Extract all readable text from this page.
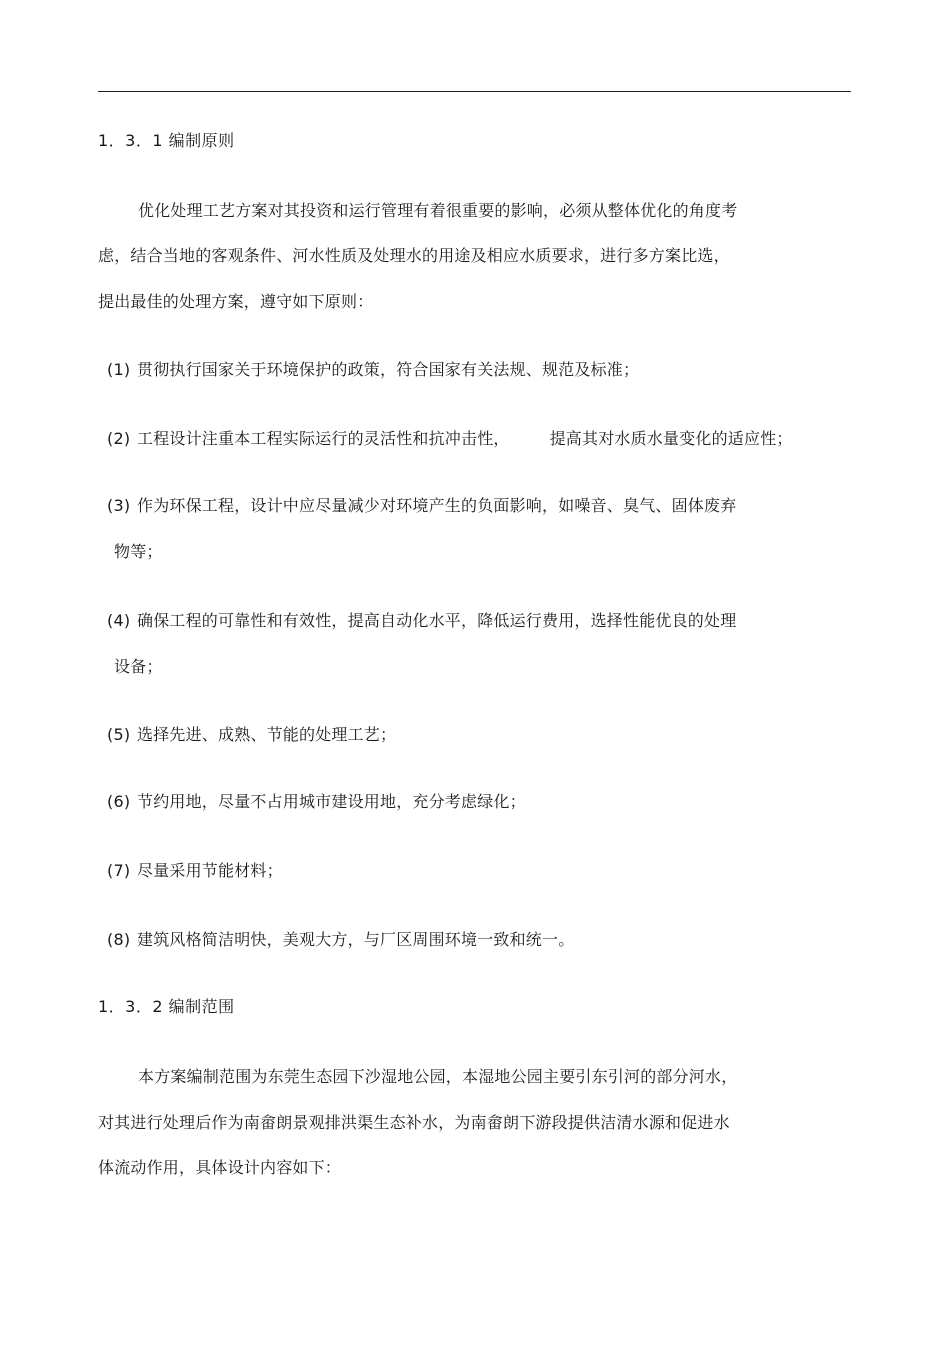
1．3．1 编制原则
优化处理工艺方案对其投资和运行管理有着很重要的影响，必须从整体优化的角度考
虑，结合当地的客观条件、河水性质及处理水的用途及相应水质要求，进行多方案比选，
提出最佳的处理方案，遵守如下原则：
(1) 贯彻执行国家关于环境保护的政策，符合国家有关法规、规范及标准；
(2) 工程设计注重本工程实际运行的灵活性和抗冲击性，	提高其对水质水量变化的适应性；
(3) 作为环保工程，设计中应尽量减少对环境产生的负面影响，如噪音、臭气、固体废弃
物等；
(4) 确保工程的可靠性和有效性，提高自动化水平，降低运行费用，选择性能优良的处理
设备；
(5) 选择先进、成熟、节能的处理工艺；
(6) 节约用地，尽量不占用城市建设用地，充分考虑绿化；
(7) 尽量采用节能材料；
(8) 建筑风格简洁明快，美观大方，与厂区周围环境一致和统一。
1．3．2 编制范围
本方案编制范围为东莞生态园下沙湿地公园，本湿地公园主要引东引河的部分河水，
对其进行处理后作为南畲朗景观排洪渠生态补水，为南畲朗下游段提供洁清水源和促进水
体流动作用，具体设计内容如下：
